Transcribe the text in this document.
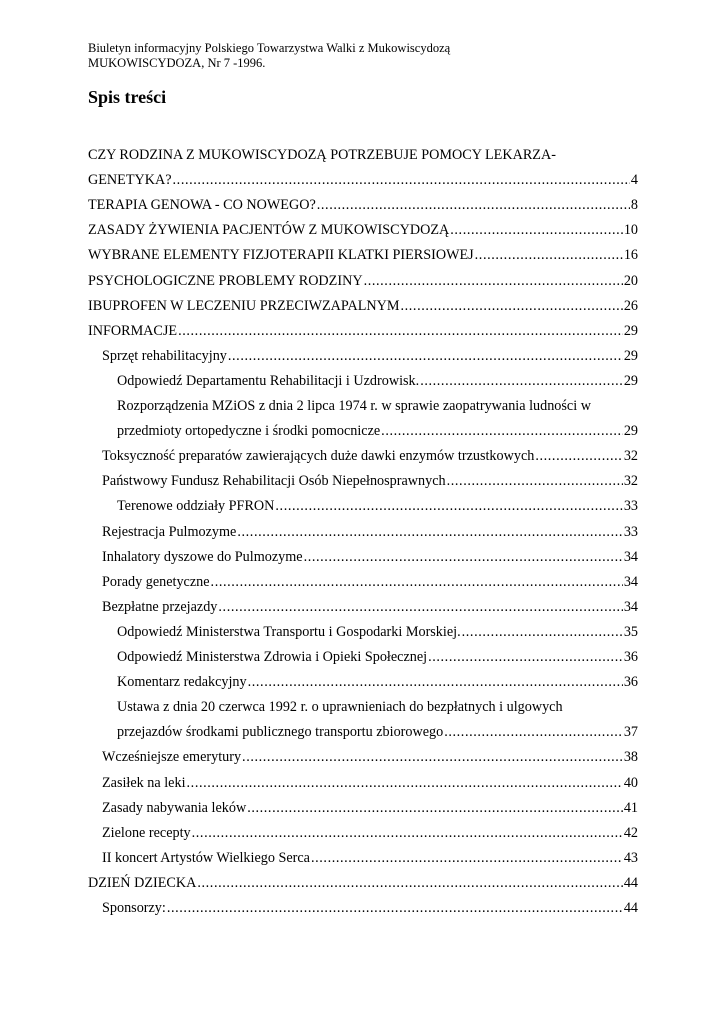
Biuletyn informacyjny Polskiego Towarzystwa Walki z Mukowiscydozą
MUKOWISCYDOZA, Nr 7 -1996.
Spis treści
CZY RODZINA Z MUKOWISCYDOZĄ POTRZEBUJE POMOCY LEKARZA-
GENETYKA? .....	4
TERAPIA GENOWA - CO NOWEGO? .....	8
ZASADY ŻYWIENIA PACJENTÓW Z MUKOWISCYDOZĄ .....	10
WYBRANE ELEMENTY FIZJOTERAPII KLATKI PIERSIOWEJ .....	16
PSYCHOLOGICZNE PROBLEMY RODZINY .....	20
IBUPROFEN W LECZENIU PRZECIWZAPALNYM .....	26
INFORMACJE .....	29
Sprzęt rehabilitacyjny .....	29
Odpowiedź Departamentu Rehabilitacji i Uzdrowisk. .....	29
Rozporządzenia MZiOS z dnia 2 lipca 1974 r. w sprawie zaopatrywania ludności w
przedmioty ortopedyczne i środki pomocnicze .....	29
Toksyczność preparatów zawierających duże dawki enzymów trzustkowych .....	32
Państwowy Fundusz Rehabilitacji Osób Niepełnosprawnych .....	32
Terenowe oddziały PFRON .....	33
Rejestracja Pulmozyme .....	33
Inhalatory dyszowe do Pulmozyme .....	34
Porady genetyczne .....	34
Bezpłatne przejazdy .....	34
Odpowiedź Ministerstwa Transportu i Gospodarki Morskiej. .....	35
Odpowiedź Ministerstwa Zdrowia i Opieki Społecznej .....	36
Komentarz redakcyjny .....	36
Ustawa z dnia 20 czerwca 1992 r. o uprawnieniach do bezpłatnych i ulgowych
przejazdów środkami publicznego transportu zbiorowego .....	37
Wcześniejsze emerytury .....	38
Zasiłek na leki .....	40
Zasady nabywania leków .....	41
Zielone recepty .....	42
II koncert Artystów Wielkiego Serca .....	43
DZIEŃ DZIECKA .....	44
Sponsorzy: .....	44
